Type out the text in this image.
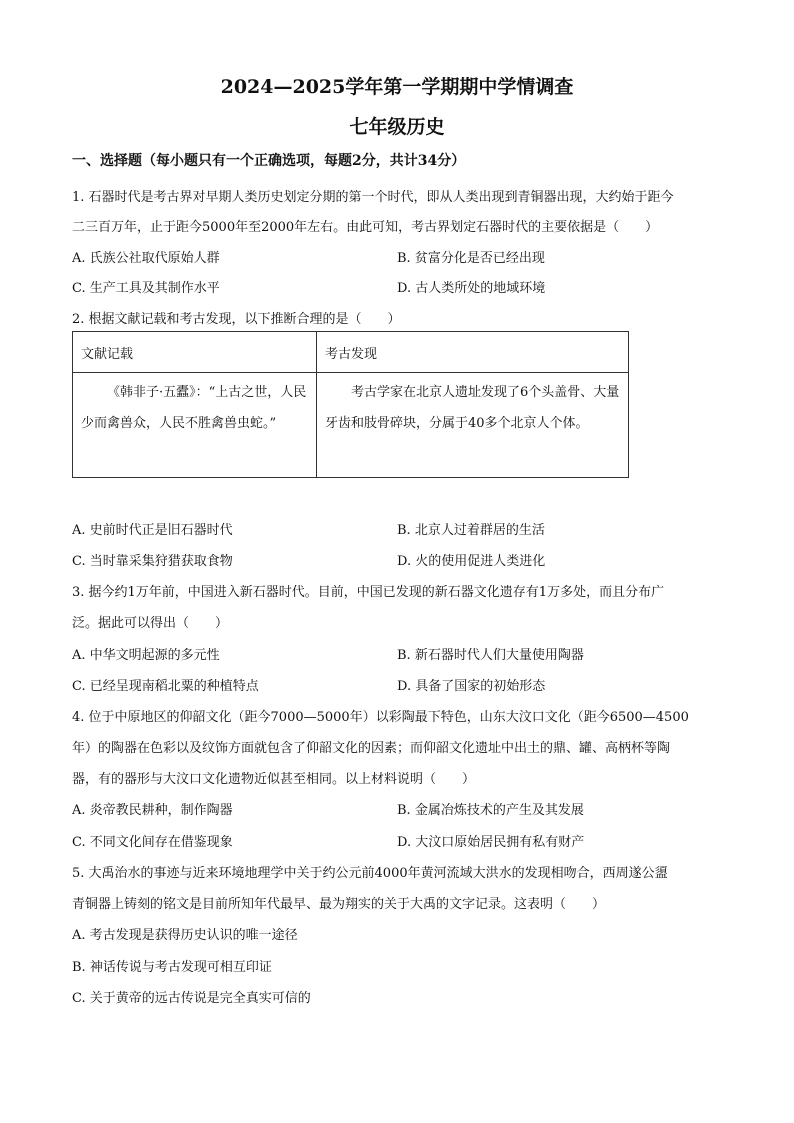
2024—2025学年第一学期期中学情调查
七年级历史
一、选择题（每小题只有一个正确选项，每题2分，共计34分）
1. 石器时代是考古界对早期人类历史划定分期的第一个时代，即从人类出现到青铜器出现，大约始于距今
二三百万年，止于距今5000年至2000年左右。由此可知，考古界划定石器时代的主要依据是（　　）
A. 氏族公社取代原始人群	B. 贫富分化是否已经出现
C. 生产工具及其制作水平	D. 古人类所处的地域环境
2. 根据文献记载和考古发现，以下推断合理的是（　　）
文献记载	考古发现
《韩非子·五蠹》：“上古之世，人民少而禽兽众，人民不胜禽兽虫蛇。”	考古学家在北京人遗址发现了6个头盖骨、大量牙齿和肢骨碎块，分属于40多个北京人个体。
A. 史前时代正是旧石器时代	B. 北京人过着群居的生活
C. 当时靠采集狩猎获取食物	D. 火的使用促进人类进化
3. 据今约1万年前，中国进入新石器时代。目前，中国已发现的新石器文化遗存有1万多处，而且分布广
泛。据此可以得出（　　）
A. 中华文明起源的多元性	B. 新石器时代人们大量使用陶器
C. 已经呈现南稻北粟的种植特点	D. 具备了国家的初始形态
4. 位于中原地区的仰韶文化（距今7000—5000年）以彩陶最下特色，山东大汶口文化（距今6500—4500
年）的陶器在色彩以及纹饰方面就包含了仰韶文化的因素；而仰韶文化遗址中出土的鼎、罐、高柄杯等陶
器，有的器形与大汶口文化遗物近似甚至相同。以上材料说明（　　）
A. 炎帝教民耕种，制作陶器	B. 金属冶炼技术的产生及其发展
C. 不同文化间存在借鉴现象	D. 大汶口原始居民拥有私有财产
5. 大禹治水的事迹与近来环境地理学中关于约公元前4000年黄河流域大洪水的发现相吻合，西周遂公盨
青铜器上铸刻的铭文是目前所知年代最早、最为翔实的关于大禹的文字记录。这表明（　　）
A. 考古发现是获得历史认识的唯一途径
B. 神话传说与考古发现可相互印证
C. 关于黄帝的远古传说是完全真实可信的
